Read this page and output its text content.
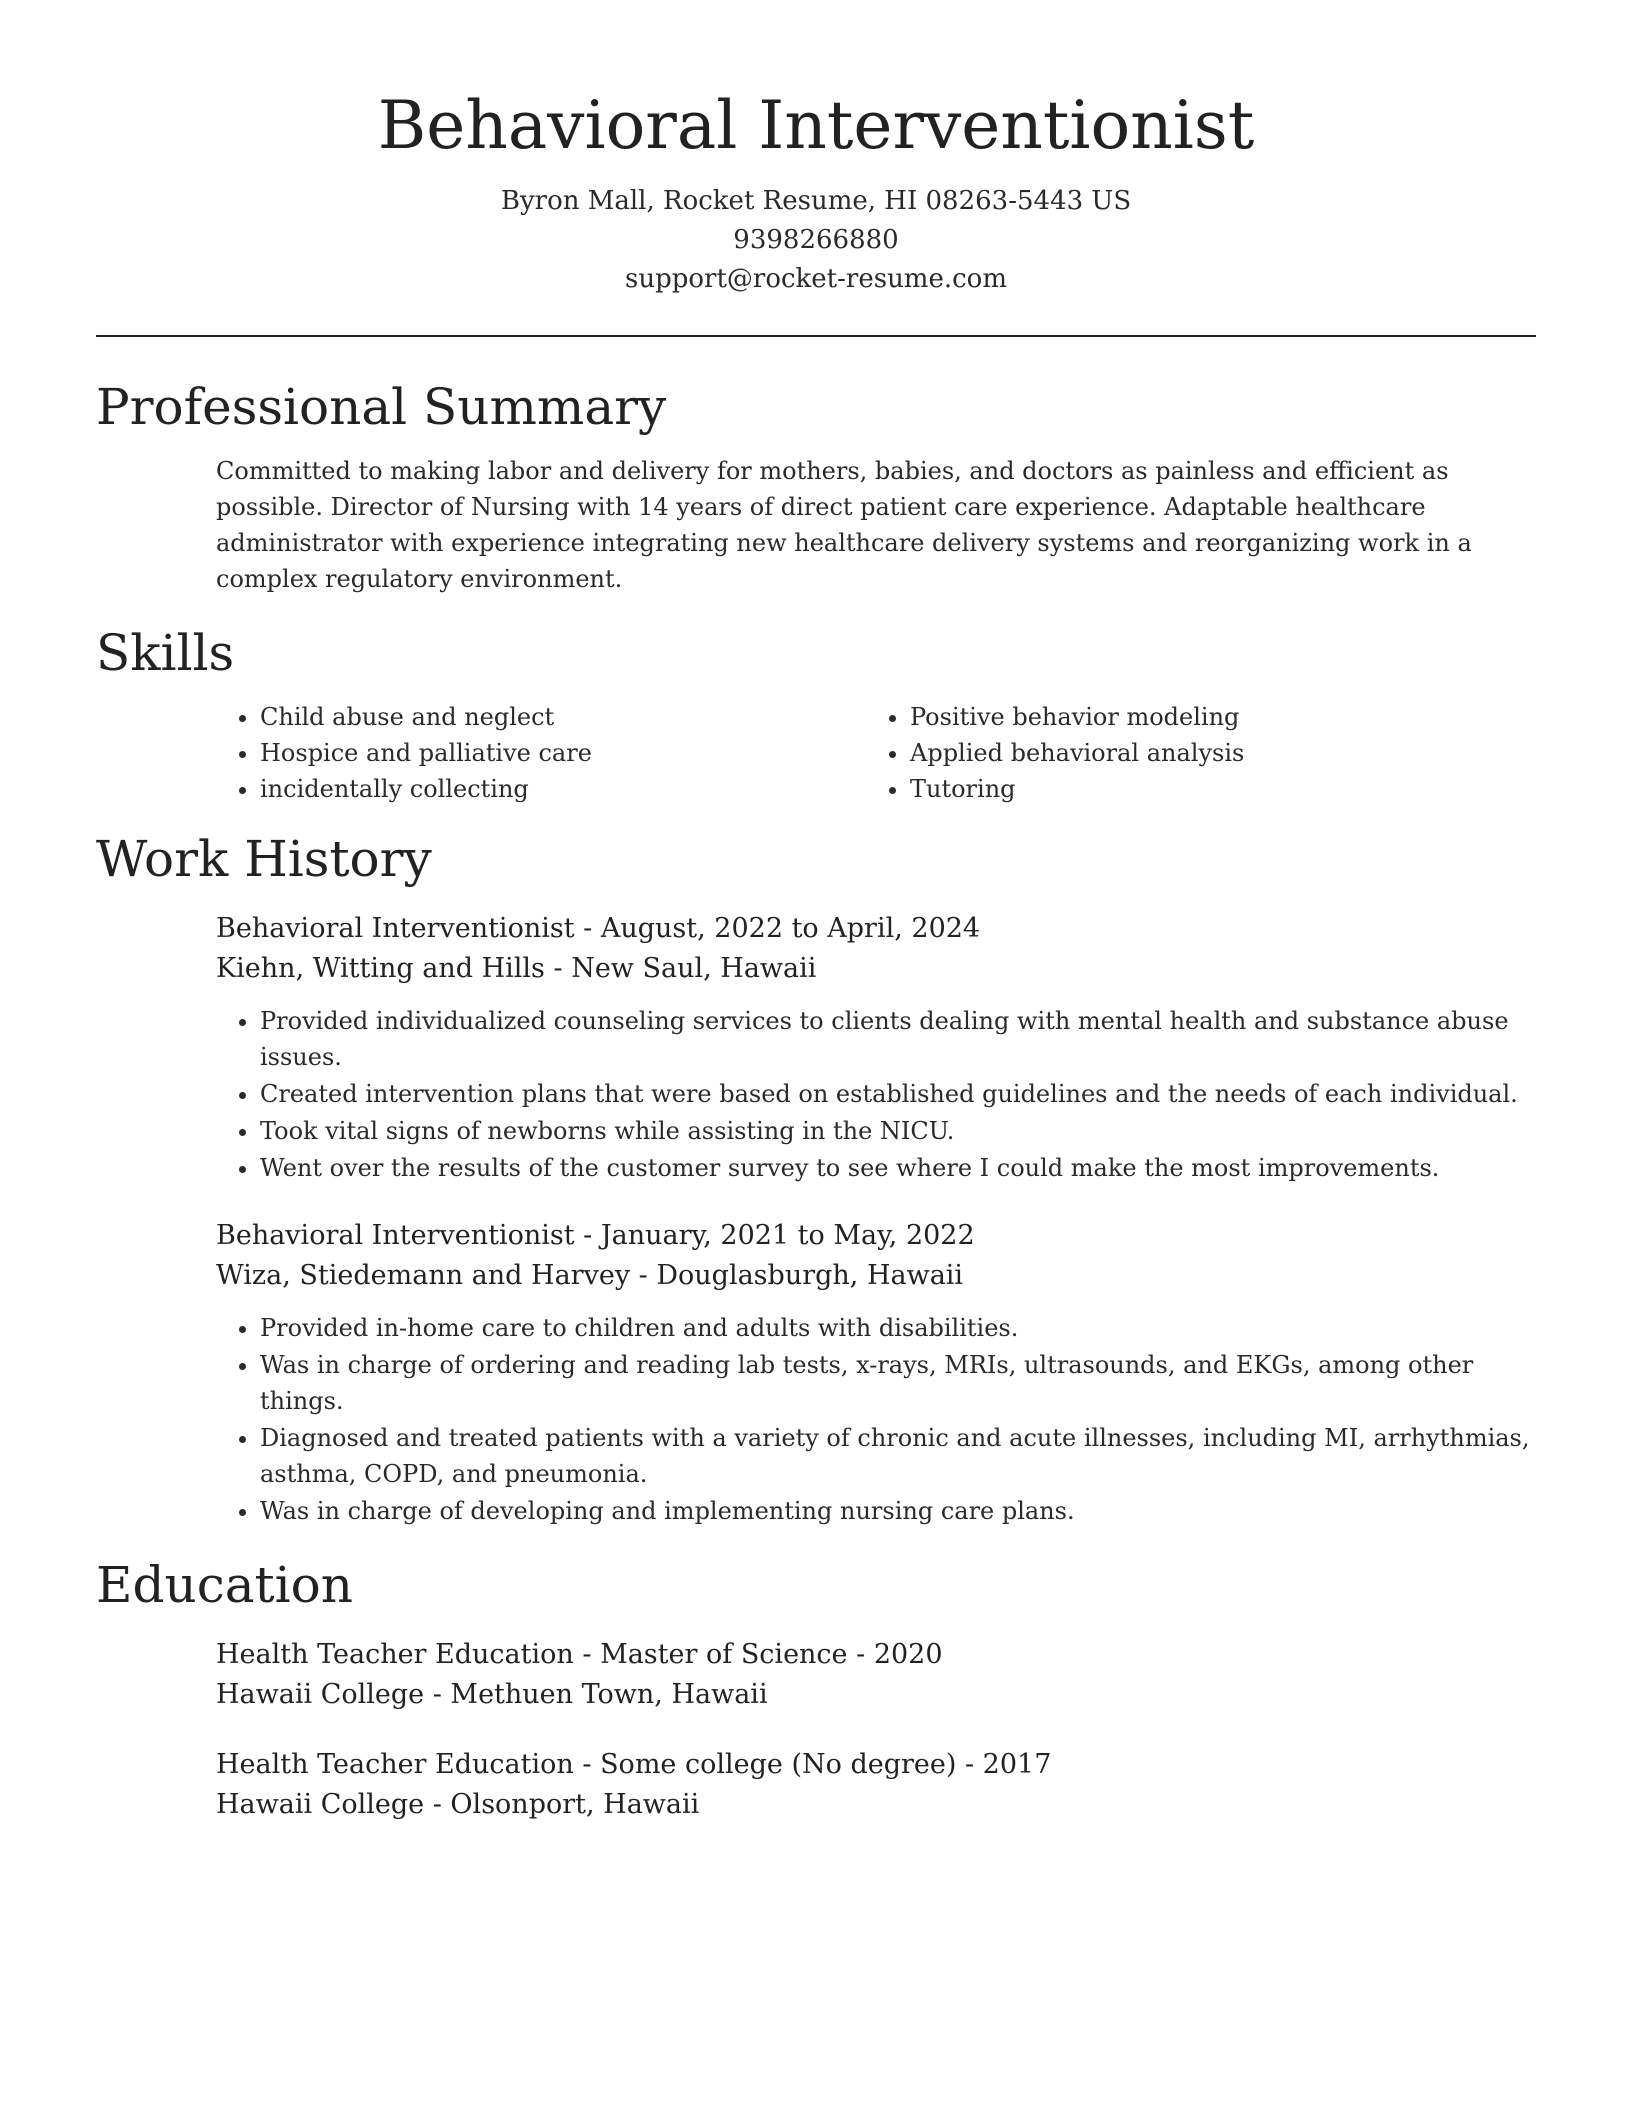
Behavioral Interventionist
Byron Mall, Rocket Resume, HI 08263-5443 US
9398266880
support@rocket-resume.com
Professional Summary

Committed to making labor and delivery for mothers, babies, and doctors as painless and efficient as possible. Director of Nursing with 14 years of direct patient care experience. Adaptable healthcare administrator with experience integrating new healthcare delivery systems and reorganizing work in a complex regulatory environment.

Skills
• Child abuse and neglect
• Hospice and palliative care
• incidentally collecting
• Positive behavior modeling
• Applied behavioral analysis
• Tutoring
Work History
Behavioral Interventionist - August, 2022 to April, 2024
Kiehn, Witting and Hills - New Saul, Hawaii
• Provided individualized counseling services to clients dealing with mental health and substance abuse issues.
• Created intervention plans that were based on established guidelines and the needs of each individual.
• Took vital signs of newborns while assisting in the NICU.
• Went over the results of the customer survey to see where I could make the most improvements.
Behavioral Interventionist - January, 2021 to May, 2022
Wiza, Stiedemann and Harvey - Douglasburgh, Hawaii
• Provided in-home care to children and adults with disabilities.
• Was in charge of ordering and reading lab tests, x-rays, MRIs, ultrasounds, and EKGs, among other things.
• Diagnosed and treated patients with a variety of chronic and acute illnesses, including MI, arrhythmias, asthma, COPD, and pneumonia.
• Was in charge of developing and implementing nursing care plans.
Education
Health Teacher Education - Master of Science - 2020
Hawaii College - Methuen Town, Hawaii
Health Teacher Education - Some college (No degree) - 2017
Hawaii College - Olsonport, Hawaii
